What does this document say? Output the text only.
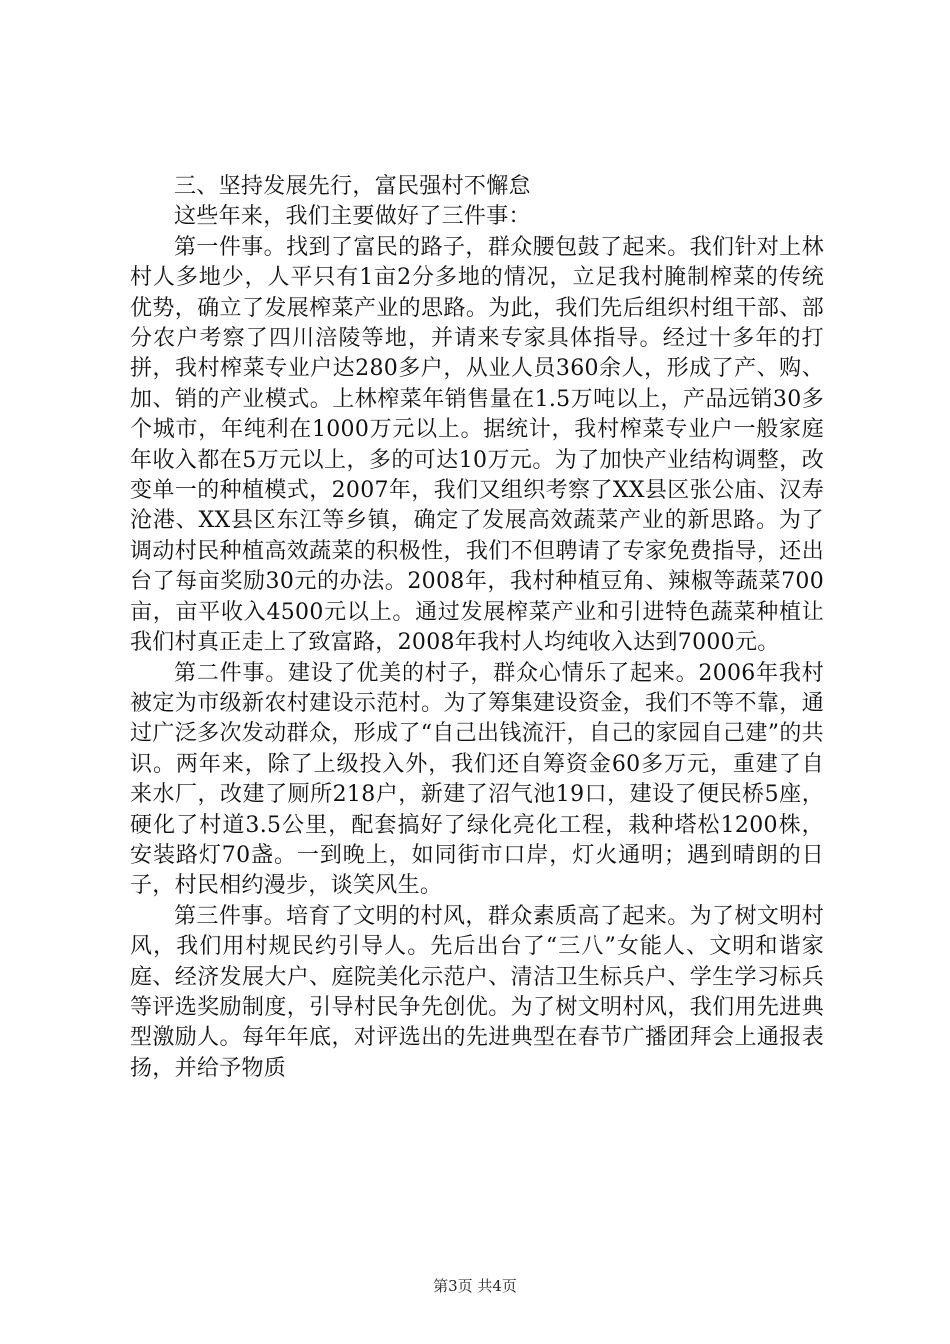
三、坚持发展先行，富民强村不懈怠

这些年来，我们主要做好了三件事：

第一件事。找到了富民的路子，群众腰包鼓了起来。我们针对上林村人多地少，人平只有1亩2分多地的情况，立足我村腌制榨菜的传统优势，确立了发展榨菜产业的思路。为此，我们先后组织村组干部、部分农户考察了四川涪陵等地，并请来专家具体指导。经过十多年的打拼，我村榨菜专业户达280多户，从业人员360余人，形成了产、购、加、销的产业模式。上林榨菜年销售量在1.5万吨以上，产品远销30多个城市，年纯利在1000万元以上。据统计，我村榨菜专业户一般家庭年收入都在5万元以上，多的可达10万元。为了加快产业结构调整，改变单一的种植模式，2007年，我们又组织考察了XX县区张公庙、汉寿沧港、XX县区东江等乡镇，确定了发展高效蔬菜产业的新思路。为了调动村民种植高效蔬菜的积极性，我们不但聘请了专家免费指导，还出台了每亩奖励30元的办法。2008年，我村种植豆角、辣椒等蔬菜700亩，亩平收入4500元以上。通过发展榨菜产业和引进特色蔬菜种植让我们村真正走上了致富路，2008年我村人均纯收入达到7000元。

第二件事。建设了优美的村子，群众心情乐了起来。2006年我村被定为市级新农村建设示范村。为了筹集建设资金，我们不等不靠，通过广泛多次发动群众，形成了“自己出钱流汗，自己的家园自己建”的共识。两年来，除了上级投入外，我们还自筹资金60多万元，重建了自来水厂，改建了厕所218户，新建了沼气池19口，建设了便民桥5座，硬化了村道3.5公里，配套搞好了绿化亮化工程，栽种塔松1200株，安装路灯70盏。一到晚上，如同街市口岸，灯火通明；遇到晴朗的日子，村民相约漫步，谈笑风生。

第三件事。培育了文明的村风，群众素质高了起来。为了树文明村风，我们用村规民约引导人。先后出台了“三八”女能人、文明和谐家庭、经济发展大户、庭院美化示范户、清洁卫生标兵户、学生学习标兵等评选奖励制度，引导村民争先创优。为了树文明村风，我们用先进典型激励人。每年年底，对评选出的先进典型在春节广播团拜会上通报表扬，并给予物质

第3页 共4页
